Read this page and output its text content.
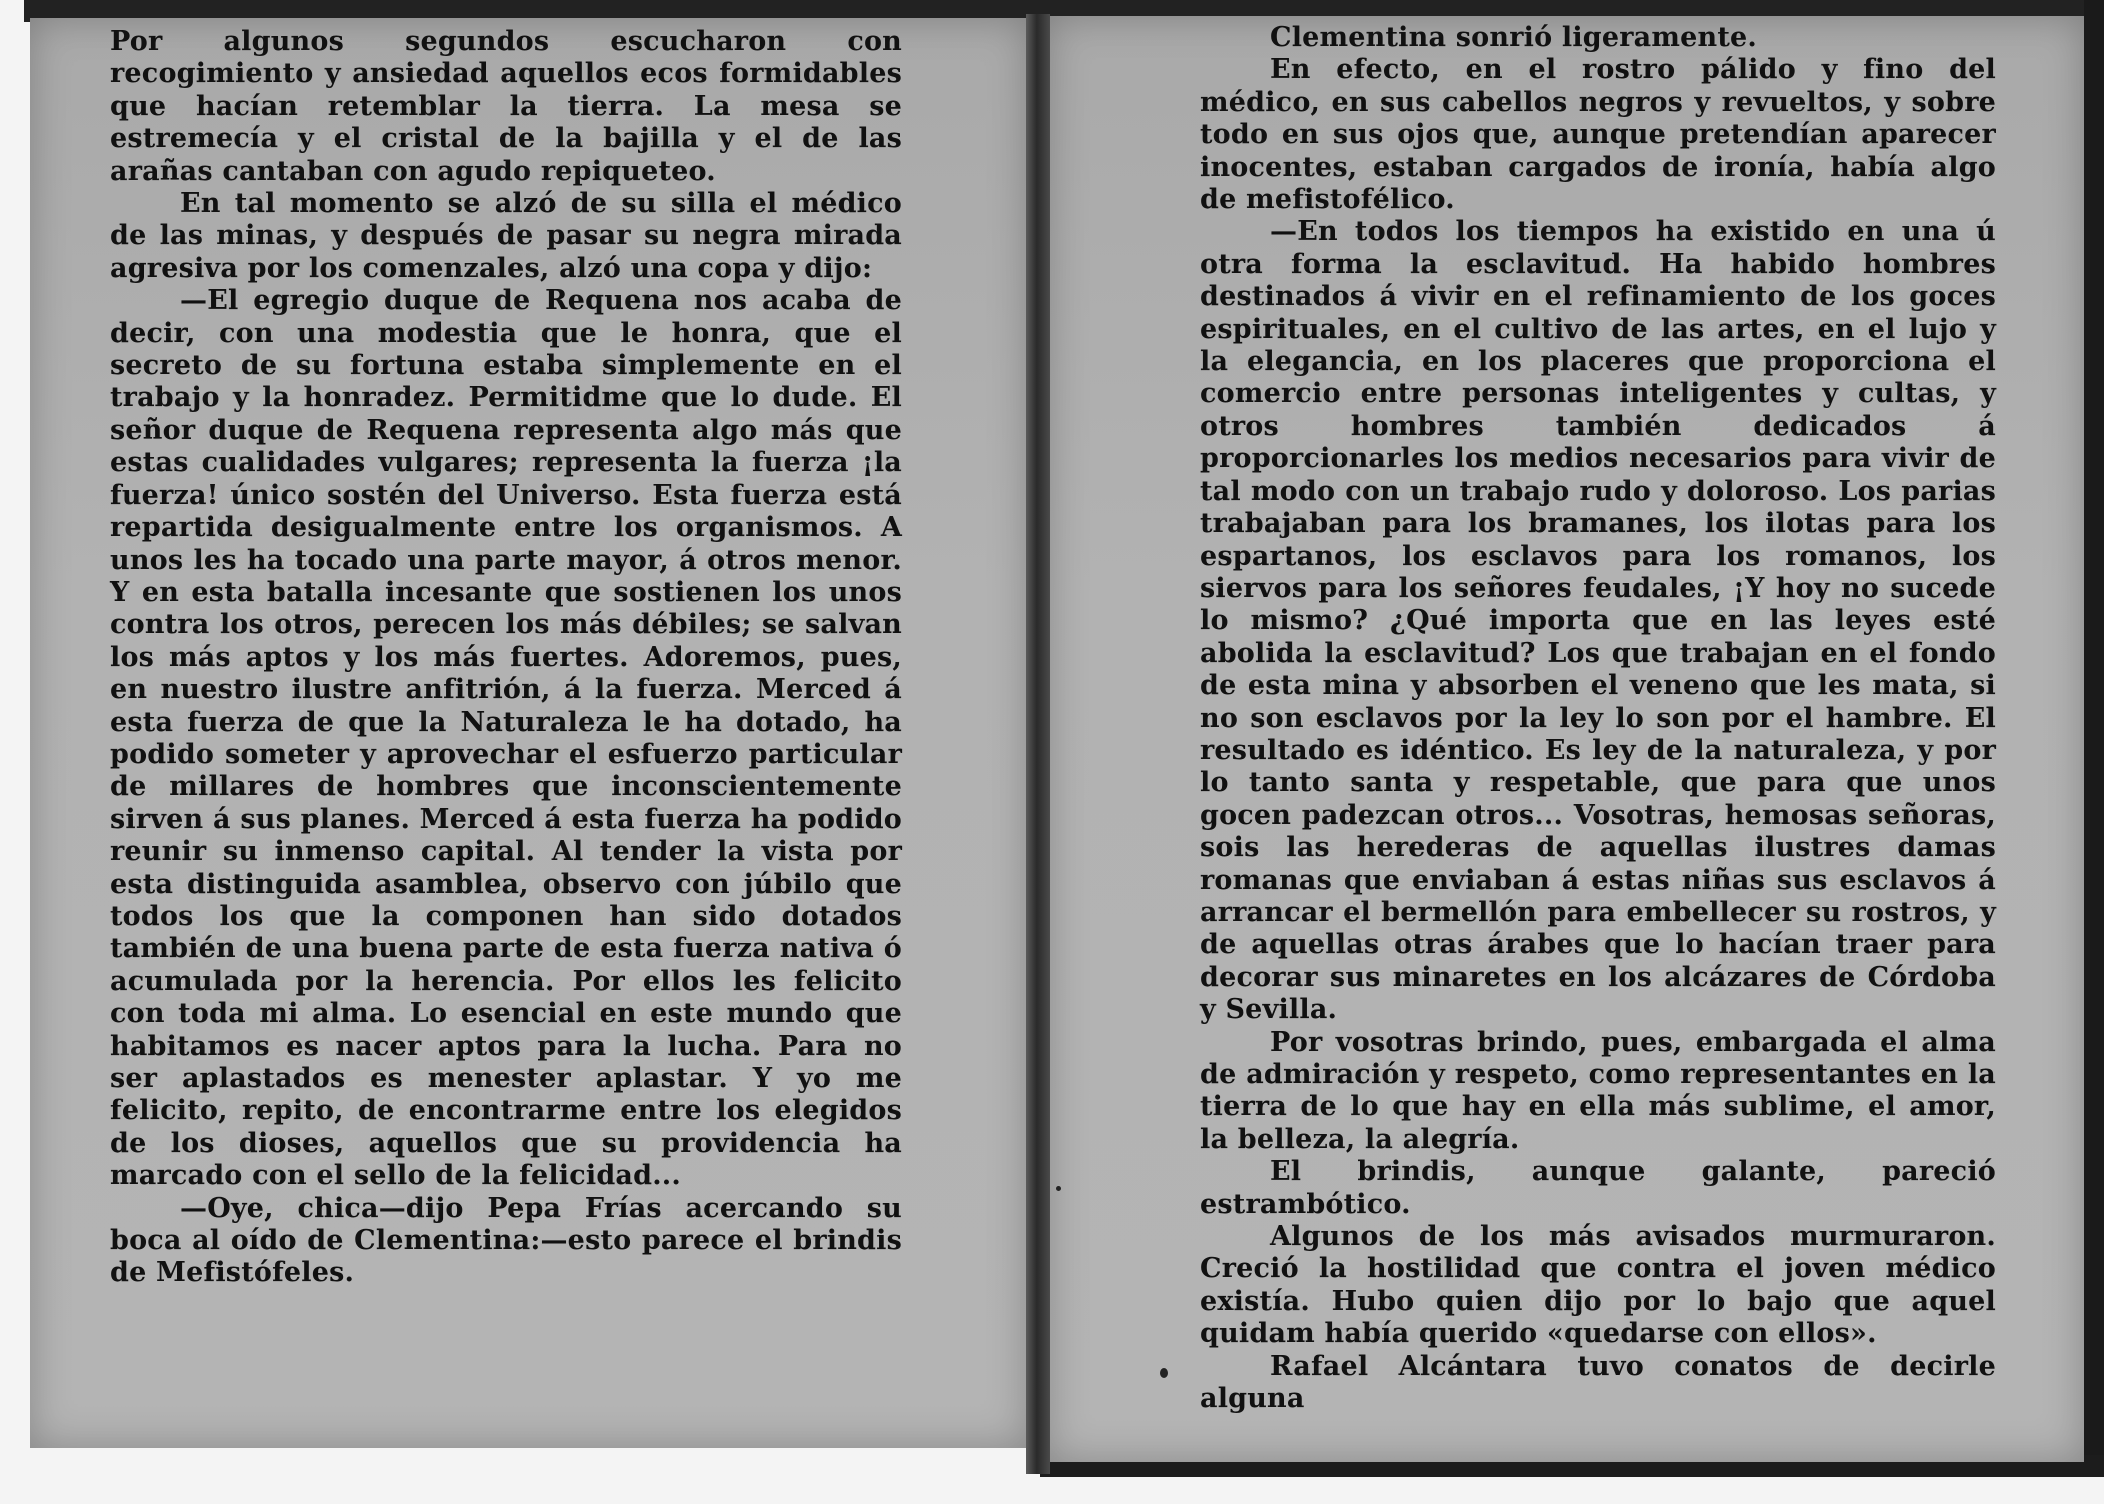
Por algunos segundos escucharon con recogimiento y ansiedad aquellos ecos formidables que hacían retemblar la tierra. La mesa se estremecía y el cristal de la bajilla y el de las arañas cantaban con agudo repiqueteo.

En tal momento se alzó de su silla el médico de las minas, y después de pasar su negra mirada agresiva por los comenzales, alzó una copa y dijo:

—El egregio duque de Requena nos acaba de decir, con una modestia que le honra, que el secreto de su fortuna estaba simplemente en el trabajo y la honradez. Permitidme que lo dude. El señor duque de Requena representa algo más que estas cualidades vulgares; representa la fuerza ¡la fuerza! único sostén del Universo. Esta fuerza está repartida desigualmente entre los organismos. A unos les ha tocado una parte mayor, á otros menor. Y en esta batalla incesante que sostienen los unos contra los otros, perecen los más débiles; se salvan los más aptos y los más fuertes. Adoremos, pues, en nuestro ilustre anfitrión, á la fuerza. Merced á esta fuerza de que la Naturaleza le ha dotado, ha podido someter y aprovechar el esfuerzo particular de millares de hombres que inconscientemente sirven á sus planes. Merced á esta fuerza ha podido reunir su inmenso capital. Al tender la vista por esta distinguida asamblea, observo con júbilo que todos los que la componen han sido dotados también de una buena parte de esta fuerza nativa ó acumulada por la herencia. Por ellos les felicito con toda mi alma. Lo esencial en este mundo que habitamos es nacer aptos para la lucha. Para no ser aplastados es menester aplastar. Y yo me felicito, repito, de encontrarme entre los elegidos de los dioses, aquellos que su providencia ha marcado con el sello de la felicidad...

—Oye, chica—dijo Pepa Frías acercando su boca al oído de Clementina:—esto parece el brindis de Mefistófeles.

Clementina sonrió ligeramente.

En efecto, en el rostro pálido y fino del médico, en sus cabellos negros y revueltos, y sobre todo en sus ojos que, aunque pretendían aparecer inocentes, estaban cargados de ironía, había algo de mefistofélico.

—En todos los tiempos ha existido en una ú otra forma la esclavitud. Ha habido hombres destinados á vivir en el refinamiento de los goces espirituales, en el cultivo de las artes, en el lujo y la elegancia, en los placeres que proporciona el comercio entre personas inteligentes y cultas, y otros hombres también dedicados á proporcionarles los medios necesarios para vivir de tal modo con un trabajo rudo y doloroso. Los parias trabajaban para los bramanes, los ilotas para los espartanos, los esclavos para los romanos, los siervos para los señores feudales, ¡Y hoy no sucede lo mismo? ¿Qué importa que en las leyes esté abolida la esclavitud? Los que trabajan en el fondo de esta mina y absorben el veneno que les mata, si no son esclavos por la ley lo son por el hambre. El resultado es idéntico. Es ley de la naturaleza, y por lo tanto santa y respetable, que para que unos gocen padezcan otros... Vosotras, hemosas señoras, sois las herederas de aquellas ilustres damas romanas que enviaban á estas niñas sus esclavos á arrancar el bermellón para embellecer su rostros, y de aquellas otras árabes que lo hacían traer para decorar sus minaretes en los alcázares de Córdoba y Sevilla.

Por vosotras brindo, pues, embargada el alma de admiración y respeto, como representantes en la tierra de lo que hay en ella más sublime, el amor, la belleza, la alegría.

El brindis, aunque galante, pareció estrambótico.

Algunos de los más avisados murmuraron. Creció la hostilidad que contra el joven médico existía. Hubo quien dijo por lo bajo que aquel quidam había querido «quedarse con ellos».

Rafael Alcántara tuvo conatos de decirle alguna
